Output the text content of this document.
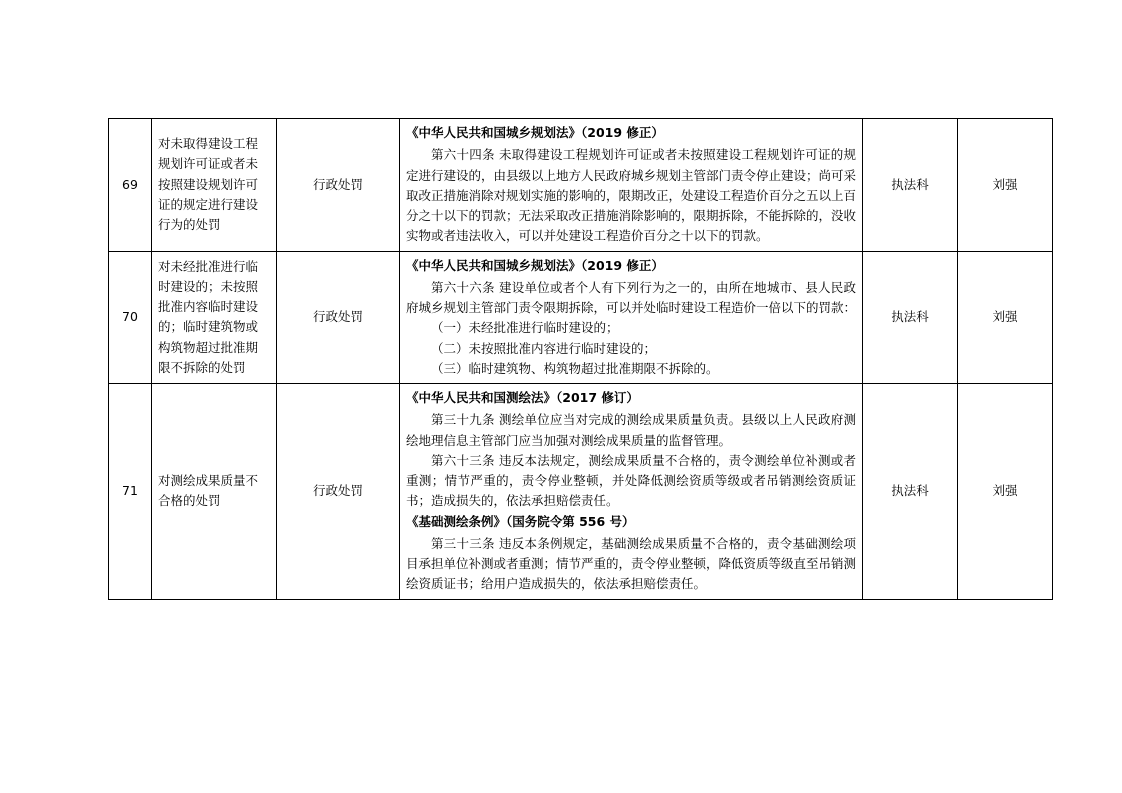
69	对未取得建设工程规划许可证或者未按照建设规划许可证的规定进行建设行为的处罚	行政处罚	《中华人民共和国城乡规划法》（2019 修正）

第六十四条 未取得建设工程规划许可证或者未按照建设工程规划许可证的规定进行建设的，由县级以上地方人民政府城乡规划主管部门责令停止建设；尚可采取改正措施消除对规划实施的影响的，限期改正，处建设工程造价百分之五以上百分之十以下的罚款；无法采取改正措施消除影响的，限期拆除，不能拆除的，没收实物或者违法收入，可以并处建设工程造价百分之十以下的罚款。	执法科	刘强
70	对未经批准进行临时建设的；未按照批准内容临时建设的；临时建筑物或构筑物超过批准期限不拆除的处罚	行政处罚	《中华人民共和国城乡规划法》（2019 修正）

第六十六条 建设单位或者个人有下列行为之一的，由所在地城市、县人民政府城乡规划主管部门责令限期拆除，可以并处临时建设工程造价一倍以下的罚款：

（一）未经批准进行临时建设的；

（二）未按照批准内容进行临时建设的；

（三）临时建筑物、构筑物超过批准期限不拆除的。	执法科	刘强
71	对测绘成果质量不合格的处罚	行政处罚	《中华人民共和国测绘法》（2017 修订）

第三十九条 测绘单位应当对完成的测绘成果质量负责。县级以上人民政府测绘地理信息主管部门应当加强对测绘成果质量的监督管理。

第六十三条 违反本法规定，测绘成果质量不合格的，责令测绘单位补测或者重测；情节严重的，责令停业整顿，并处降低测绘资质等级或者吊销测绘资质证书；造成损失的，依法承担赔偿责任。

《基础测绘条例》（国务院令第 556 号）

第三十三条 违反本条例规定，基础测绘成果质量不合格的，责令基础测绘项目承担单位补测或者重测；情节严重的，责令停业整顿，降低资质等级直至吊销测绘资质证书；给用户造成损失的，依法承担赔偿责任。	执法科	刘强
